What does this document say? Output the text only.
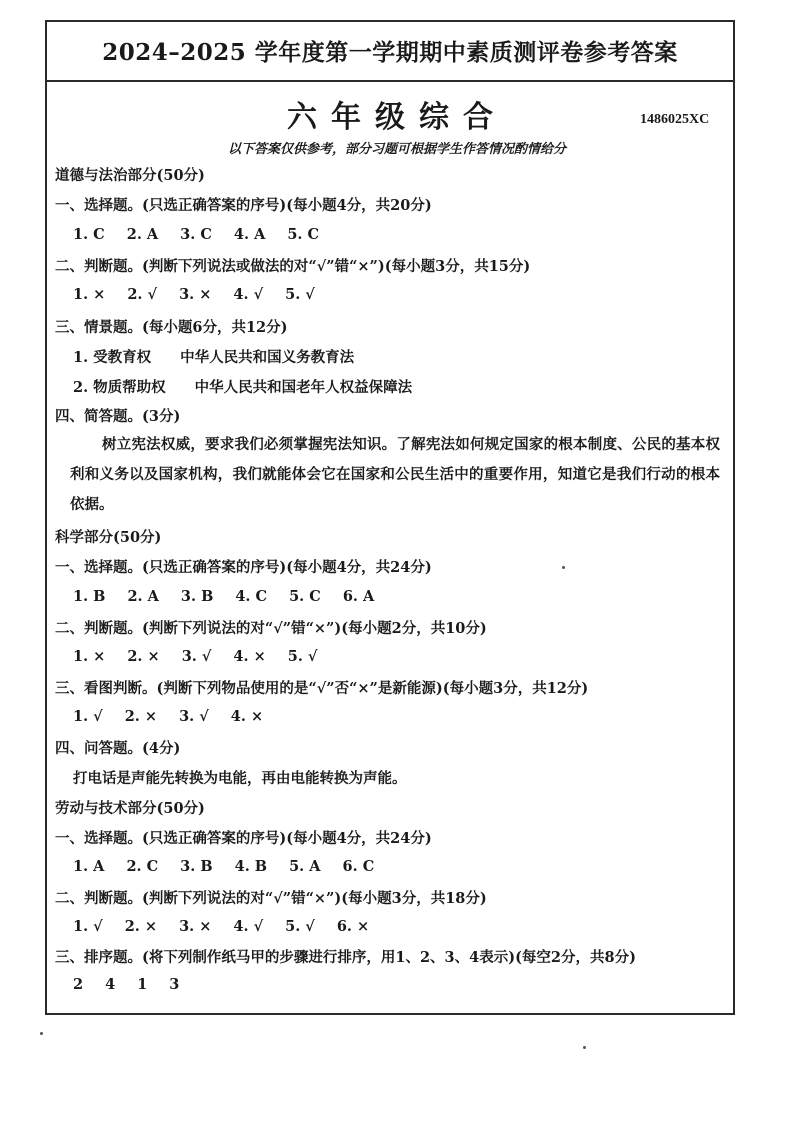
2024–2025 学年度第一学期期中素质测评卷参考答案
六年级综合	1486025XC
以下答案仅供参考，部分习题可根据学生作答情况酌情给分
道德与法治部分(50分)
一、选择题。(只选正确答案的序号)(每小题4分，共20分)
1. C 2. A 3. C 4. A 5. C
二、判断题。(判断下列说法或做法的对“√”错“×”)(每小题3分，共15分)
1. × 2. √ 3. × 4. √ 5. √
三、情景题。(每小题6分，共12分)
1. 受教育权　　中华人民共和国义务教育法
2. 物质帮助权　　中华人民共和国老年人权益保障法
四、简答题。(3分)
树立宪法权威，要求我们必须掌握宪法知识。了解宪法如何规定国家的根本制度、公民的基本权利和义务以及国家机构，我们就能体会它在国家和公民生活中的重要作用，知道它是我们行动的根本依据。
科学部分(50分)
一、选择题。(只选正确答案的序号)(每小题4分，共24分)
1. B 2. A 3. B 4. C 5. C 6. A
二、判断题。(判断下列说法的对“√”错“×”)(每小题2分，共10分)
1. × 2. × 3. √ 4. × 5. √
三、看图判断。(判断下列物品使用的是“√”否“×”是新能源)(每小题3分，共12分)
1. √ 2. × 3. √ 4. ×
四、问答题。(4分)
打电话是声能先转换为电能，再由电能转换为声能。
劳动与技术部分(50分)
一、选择题。(只选正确答案的序号)(每小题4分，共24分)
1. A 2. C 3. B 4. B 5. A 6. C
二、判断题。(判断下列说法的对“√”错“×”)(每小题3分，共18分)
1. √ 2. × 3. × 4. √ 5. √ 6. ×
三、排序题。(将下列制作纸马甲的步骤进行排序，用1、2、3、4表示)(每空2分，共8分)
2 4 1 3
